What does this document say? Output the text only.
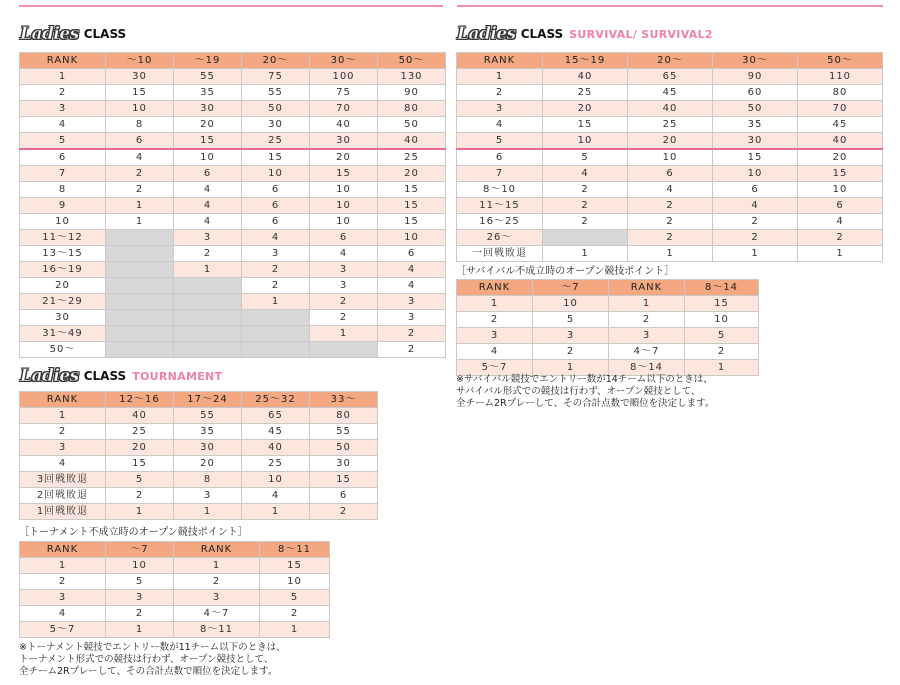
Ladies CLASS
Ladies CLASS TOURNAMENT
Ladies CLASS SURVIVAL/ SURVIVAL2
RANK	～10	～19	20～	30～	50～
1	30	55	75	100	130
2	15	35	55	75	90
3	10	30	50	70	80
4	8	20	30	40	50
5	6	15	25	30	40
6	4	10	15	20	25
7	2	6	10	15	20
8	2	4	6	10	15
9	1	4	6	10	15
10	1	4	6	10	15
11～12		3	4	6	10
13～15		2	3	4	6
16～19		1	2	3	4
20			2	3	4
21～29			1	2	3
30				2	3
31～49				1	2
50～					2
RANK	12～16	17～24	25～32	33～
1	40	55	65	80
2	25	35	45	55
3	20	30	40	50
4	15	20	25	30
3回戦敗退	5	8	10	15
2回戦敗退	2	3	4	6
1回戦敗退	1	1	1	2
［トーナメント不成立時のオープン競技ポイント］
RANK	～7	RANK	8～11
1	10	1	15
2	5	2	10
3	3	3	5
4	2	4～7	2
5～7	1	8～11	1
※トーナメント競技でエントリー数が11チーム以下のときは、
トーナメント形式での競技は行わず、オープン競技として、
全チーム2Rプレーして、その合計点数で順位を決定します。
RANK	15～19	20～	30～	50～
1	40	65	90	110
2	25	45	60	80
3	20	40	50	70
4	15	25	35	45
5	10	20	30	40
6	5	10	15	20
7	4	6	10	15
8～10	2	4	6	10
11～15	2	2	4	6
16～25	2	2	2	4
26～		2	2	2
一回戦敗退	1	1	1	1
［サバイバル不成立時のオープン競技ポイント］
RANK	～7	RANK	8～14
1	10	1	15
2	5	2	10
3	3	3	5
4	2	4～7	2
5～7	1	8～14	1
※サバイバル競技でエントリー数が14チーム以下のときは、
サバイバル形式での競技は行わず、オープン競技として、
全チーム2Rプレーして、その合計点数で順位を決定します。
